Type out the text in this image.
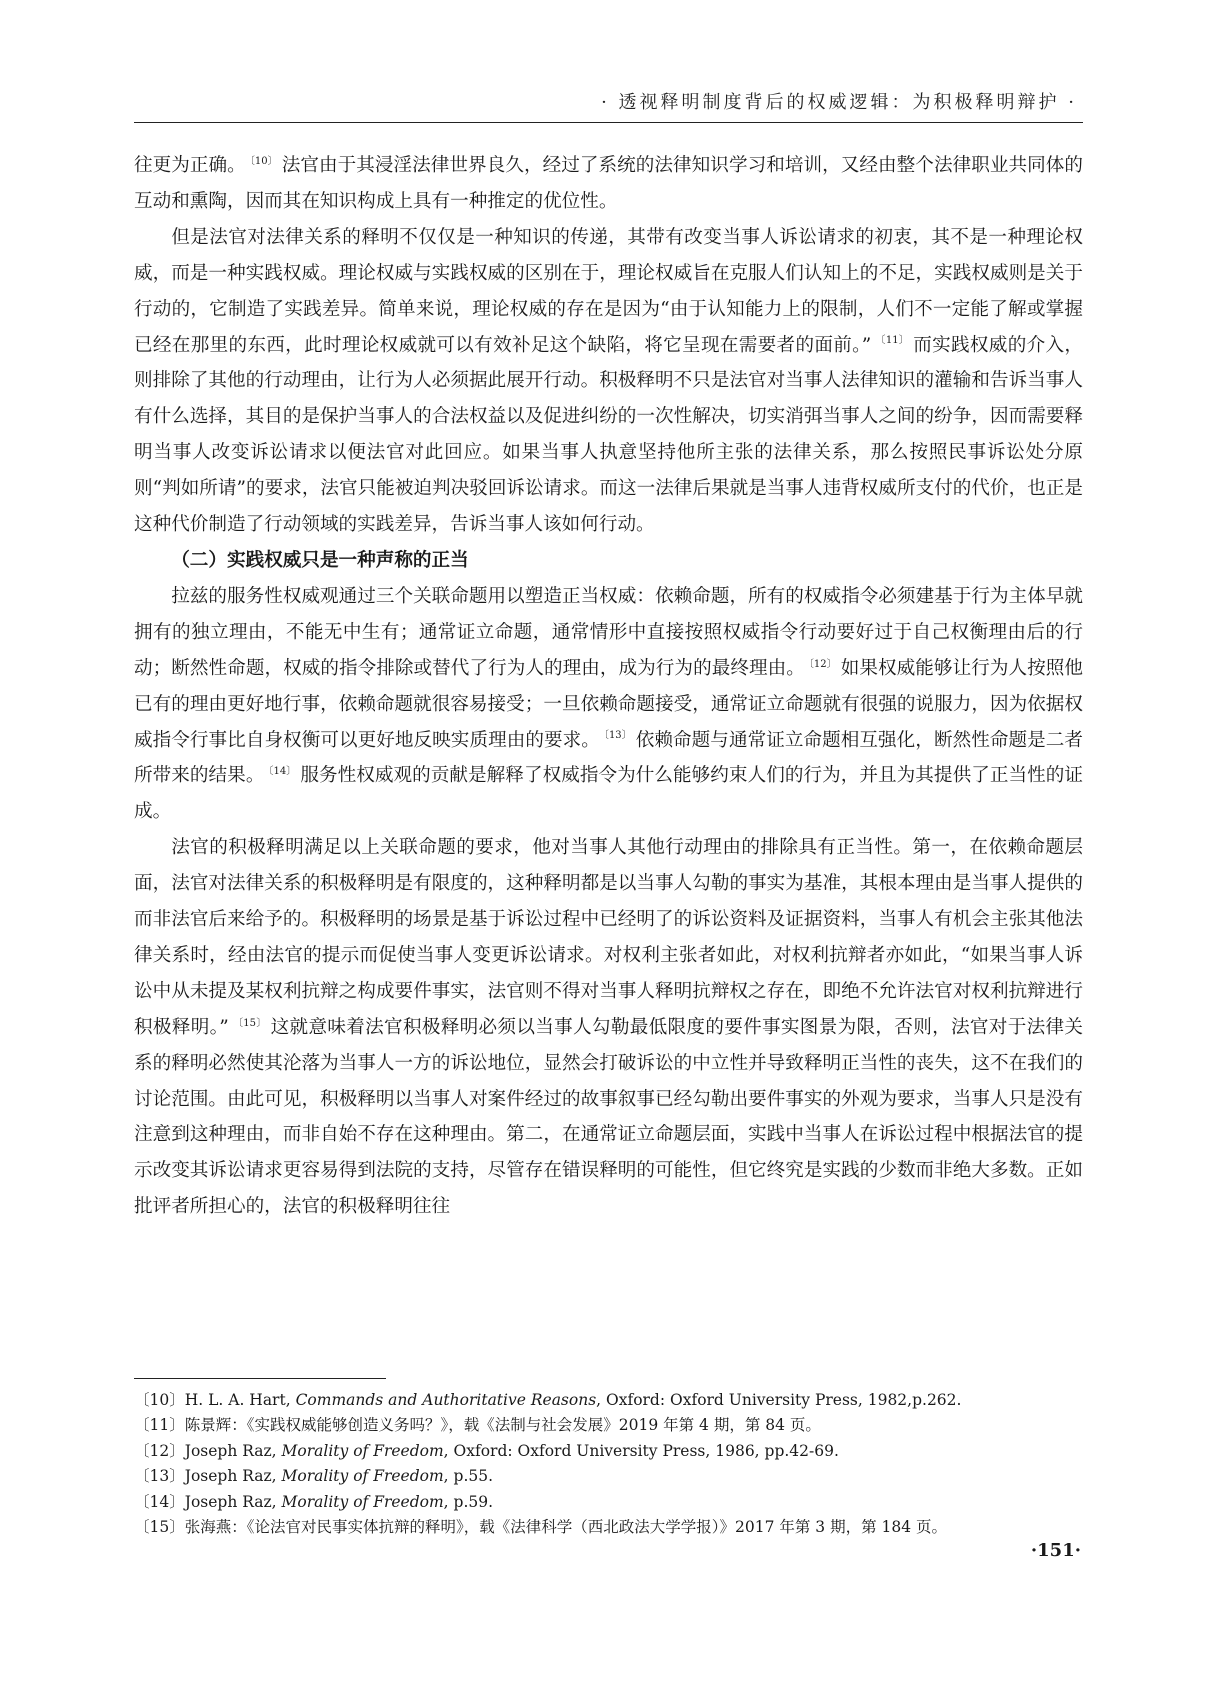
· 透视释明制度背后的权威逻辑：为积极释明辩护 ·

往更为正确。 $^{〔10〕}$ 法官由于其浸淫法律世界良久，经过了系统的法律知识学习和培训，又经由整个法律职业共同体的互动和熏陶，因而其在知识构成上具有一种推定的优位性。

但是法官对法律关系的释明不仅仅是一种知识的传递，其带有改变当事人诉讼请求的初衷，其不是一种理论权威，而是一种实践权威。理论权威与实践权威的区别在于，理论权威旨在克服人们认知上的不足，实践权威则是关于行动的，它制造了实践差异。简单来说，理论权威的存在是因为“由于认知能力上的限制，人们不一定能了解或掌握已经在那里的东西，此时理论权威就可以有效补足这个缺陷，将它呈现在需要者的面前。” $^{〔11〕}$ 而实践权威的介入，则排除了其他的行动理由，让行为人必须据此展开行动。积极释明不只是法官对当事人法律知识的灌输和告诉当事人有什么选择，其目的是保护当事人的合法权益以及促进纠纷的一次性解决，切实消弭当事人之间的纷争，因而需要释明当事人改变诉讼请求以便法官对此回应。如果当事人执意坚持他所主张的法律关系，那么按照民事诉讼处分原则“判如所请”的要求，法官只能被迫判决驳回诉讼请求。而这一法律后果就是当事人违背权威所支付的代价，也正是这种代价制造了行动领域的实践差异，告诉当事人该如何行动。

（二）实践权威只是一种声称的正当

拉兹的服务性权威观通过三个关联命题用以塑造正当权威：依赖命题，所有的权威指令必须建基于行为主体早就拥有的独立理由，不能无中生有；通常证立命题，通常情形中直接按照权威指令行动要好过于自己权衡理由后的行动；断然性命题，权威的指令排除或替代了行为人的理由，成为行为的最终理由。 $^{〔12〕}$ 如果权威能够让行为人按照他已有的理由更好地行事，依赖命题就很容易接受；一旦依赖命题接受，通常证立命题就有很强的说服力，因为依据权威指令行事比自身权衡可以更好地反映实质理由的要求。 $^{〔13〕}$ 依赖命题与通常证立命题相互强化，断然性命题是二者所带来的结果。 $^{〔14〕}$ 服务性权威观的贡献是解释了权威指令为什么能够约束人们的行为，并且为其提供了正当性的证成。

法官的积极释明满足以上关联命题的要求，他对当事人其他行动理由的排除具有正当性。第一，在依赖命题层面，法官对法律关系的积极释明是有限度的，这种释明都是以当事人勾勒的事实为基准，其根本理由是当事人提供的而非法官后来给予的。积极释明的场景是基于诉讼过程中已经明了的诉讼资料及证据资料，当事人有机会主张其他法律关系时，经由法官的提示而促使当事人变更诉讼请求。对权利主张者如此，对权利抗辩者亦如此，“如果当事人诉讼中从未提及某权利抗辩之构成要件事实，法官则不得对当事人释明抗辩权之存在，即绝不允许法官对权利抗辩进行积极释明。” $^{〔15〕}$ 这就意味着法官积极释明必须以当事人勾勒最低限度的要件事实图景为限，否则，法官对于法律关系的释明必然使其沦落为当事人一方的诉讼地位，显然会打破诉讼的中立性并导致释明正当性的丧失，这不在我们的讨论范围。由此可见，积极释明以当事人对案件经过的故事叙事已经勾勒出要件事实的外观为要求，当事人只是没有注意到这种理由，而非自始不存在这种理由。第二，在通常证立命题层面，实践中当事人在诉讼过程中根据法官的提示改变其诉讼请求更容易得到法院的支持，尽管存在错误释明的可能性，但它终究是实践的少数而非绝大多数。正如批评者所担心的，法官的积极释明往往

〔10〕H. L. A. Hart, Commands and Authoritative Reasons, Oxford: Oxford University Press, 1982,p.262.
〔11〕陈景辉：《实践权威能够创造义务吗？》，载《法制与社会发展》2019 年第 4 期，第 84 页。
〔12〕Joseph Raz, Morality of Freedom, Oxford: Oxford University Press, 1986, pp.42-69.
〔13〕Joseph Raz, Morality of Freedom, p.55.
〔14〕Joseph Raz, Morality of Freedom, p.59.
〔15〕张海燕：《论法官对民事实体抗辩的释明》，载《法律科学（西北政法大学学报）》2017 年第 3 期，第 184 页。
·151·
